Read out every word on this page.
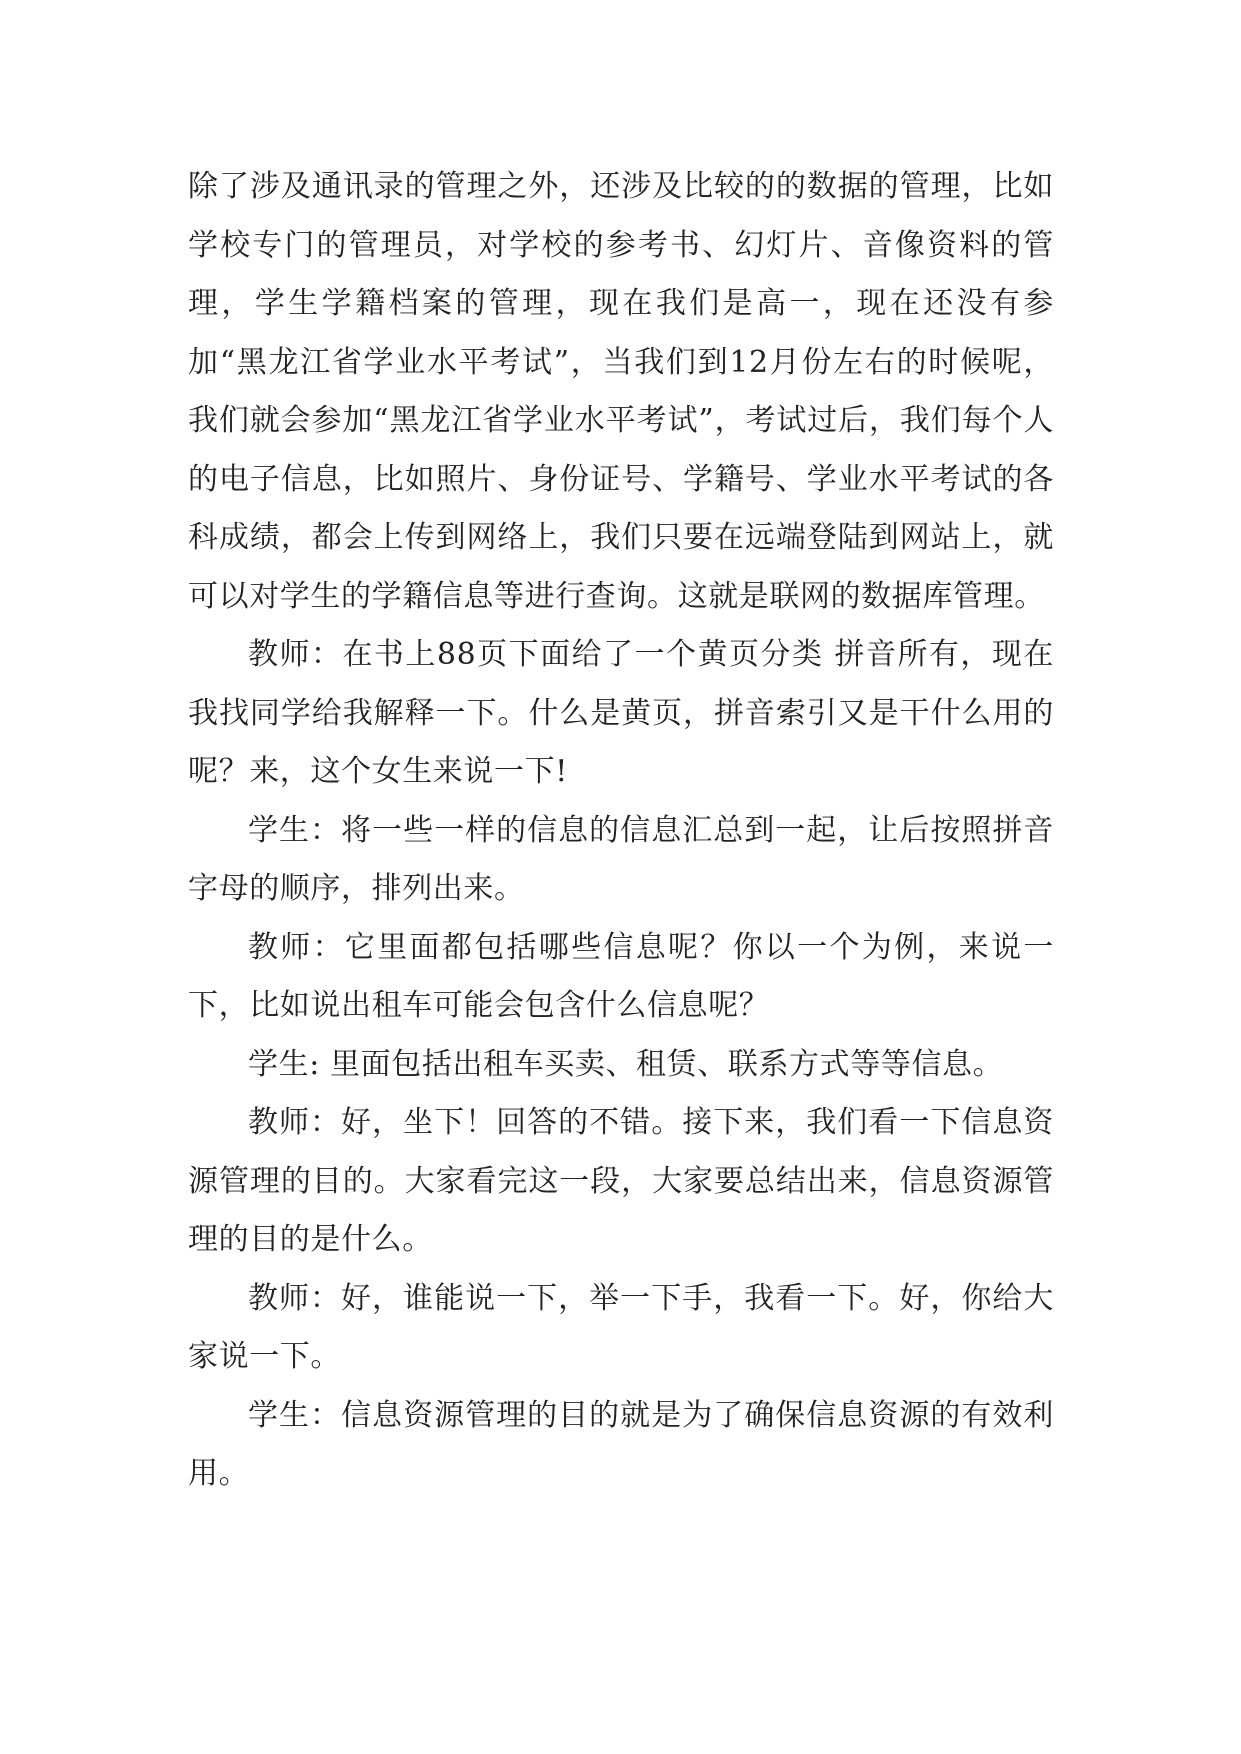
除了涉及通讯录的管理之外，还涉及比较的的数据的管理，比如学校专门的管理员，对学校的参考书、幻灯片、音像资料的管理，学生学籍档案的管理，现在我们是高一，现在还没有参加“黑龙江省学业水平考试”，当我们到12月份左右的时候呢，我们就会参加“黑龙江省学业水平考试”，考试过后，我们每个人的电子信息，比如照片、身份证号、学籍号、学业水平考试的各科成绩，都会上传到网络上，我们只要在远端登陆到网站上，就可以对学生的学籍信息等进行查询。这就是联网的数据库管理。

教师：在书上88页下面给了一个黄页分类 拼音所有，现在我找同学给我解释一下。什么是黄页，拼音索引又是干什么用的呢？来，这个女生来说一下!

学生：将一些一样的信息的信息汇总到一起，让后按照拼音字母的顺序，排列出来。

教师：它里面都包括哪些信息呢？你以一个为例，来说一下，比如说出租车可能会包含什么信息呢？

学生: 里面包括出租车买卖、租赁、联系方式等等信息。

教师：好，坐下！回答的不错。接下来，我们看一下信息资源管理的目的。大家看完这一段，大家要总结出来，信息资源管理的目的是什么。

教师：好，谁能说一下，举一下手，我看一下。好，你给大家说一下。

学生：信息资源管理的目的就是为了确保信息资源的有效利用。
